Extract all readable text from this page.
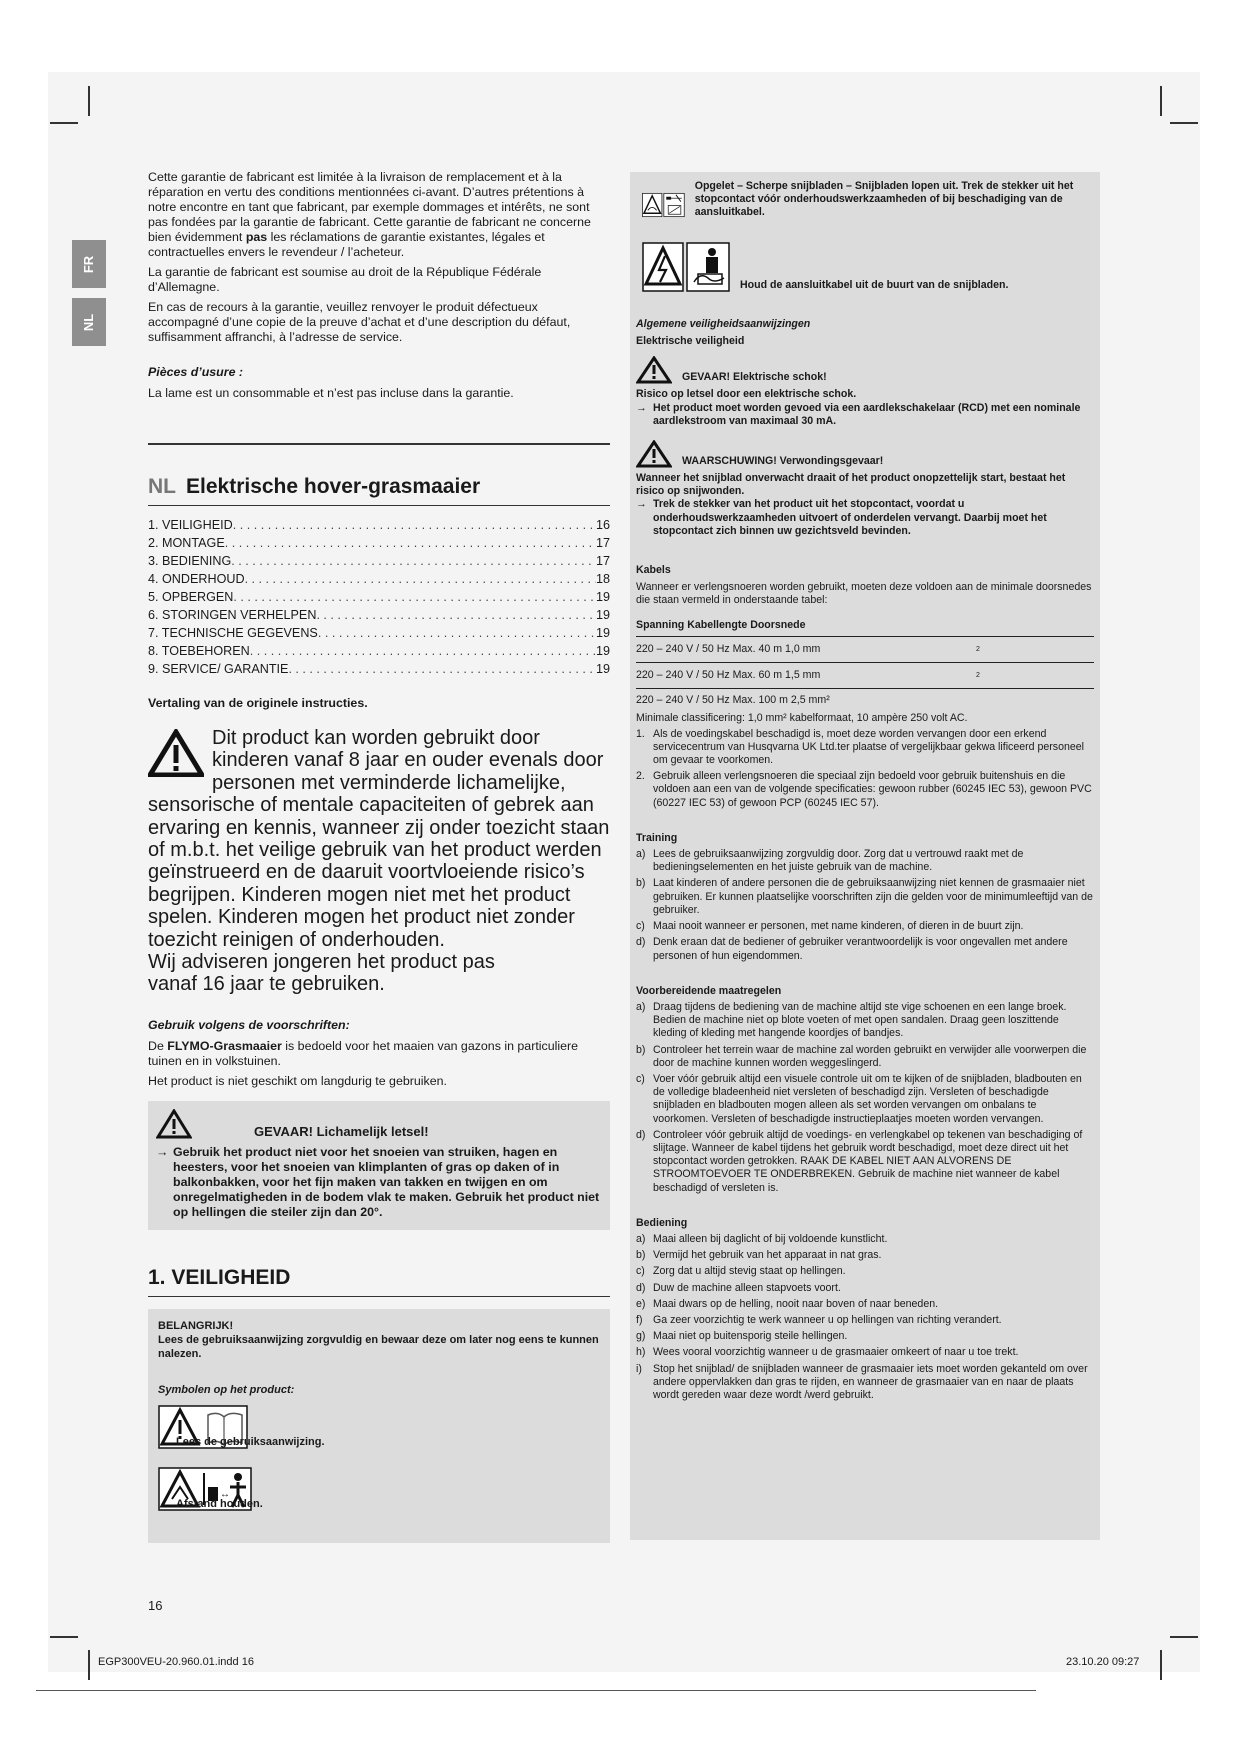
FR
NL

Cette garantie de fabricant est limitée à la livraison de remplacement et à la réparation en vertu des conditions mentionnées ci-avant. D’autres prétentions à notre encontre en tant que fabricant, par exemple dommages et intérêts, ne sont pas fondées par la garantie de fabricant. Cette garantie de fabricant ne concerne bien évidemment pas les réclamations de garantie existantes, légales et contractuelles envers le revendeur / l’acheteur.

La garantie de fabricant est soumise au droit de la République Fédérale d’Allemagne.

En cas de recours à la garantie, veuillez renvoyer le produit défectueux accompagné d’une copie de la preuve d’achat et d’une description du défaut, suffisamment affranchi, à l’adresse de service.

Pièces d’usure :

La lame est un consommable et n’est pas incluse dans la garantie.

NL Elektrische hover-grasmaaier
1. VEILIGHEID . . .	16
2. MONTAGE . . .	17
3. BEDIENING . . .	17
4. ONDERHOUD . . .	18
5. OPBERGEN . . .	19
6. STORINGEN VERHELPEN . . .	19
7. TECHNISCHE GEGEVENS . . .	19
8. TOEBEHOREN . . .	19
9. SERVICE/ GARANTIE . . .	19

Vertaling van de originele instructies.

Dit product kan worden gebruikt door kinderen vanaf 8 jaar en ouder evenals door personen met verminderde lichamelijke, sensorische of mentale capaciteiten of gebrek aan ervaring en kennis, wanneer zij onder toezicht staan of m.b.t. het veilige gebruik van het product werden geïnstrueerd en de daaruit voortvloeiende risico’s begrijpen. Kinderen mogen niet met het product spelen. Kinderen mogen het product niet zonder toezicht reinigen of onderhouden.
Wij adviseren jongeren het product pas vanaf 16 jaar te gebruiken.

Gebruik volgens de voorschriften:

De FLYMO-Grasmaaier is bedoeld voor het maaien van gazons in particuliere tuinen en in volkstuinen.

Het product is niet geschikt om langdurig te gebruiken.

GEVAAR! Lichamelijk letsel!
→ Gebruik het product niet voor het snoeien van struiken, hagen en heesters, voor het snoeien van klimplanten of gras op daken of in balkonbakken, voor het fijn maken van takken en twijgen en om onregelmatigheden in de bodem vlak te maken. Gebruik het product niet op hellingen die steiler zijn dan 20°.
1. VEILIGHEID

BELANGRIJK!

Lees de gebruiksaanwijzing zorgvuldig en bewaar deze om later nog eens te kunnen nalezen.

Symbolen op het product:

Lees de gebruiksaanwijzing.
↔
Afstand houden.
16
Opgelet – Scherpe snijbladen – Snijbladen lopen uit. Trek de stekker uit het stopcontact vóór onderhoudswerkzaamheden of bij beschadiging van de aansluitkabel.
Houd de aansluitkabel uit de buurt van de snijbladen.

Algemene veiligheidsaanwijzingen

Elektrische veiligheid

GEVAAR! Elektrische schok!

Risico op letsel door een elektrische schok.

→ Het product moet worden gevoed via een aardlekschakelaar (RCD) met een nominale aardlekstroom van maximaal 30 mA.
WAARSCHUWING! Verwondingsgevaar!

Wanneer het snijblad onverwacht draait of het product onopzettelijk start, bestaat het risico op snijwonden.

→ Trek de stekker van het product uit het stopcontact, voordat u onderhoudswerkzaamheden uitvoert of onderdelen vervangt. Daarbij moet het stopcontact zich binnen uw gezichtsveld bevinden.

Kabels

Wanneer er verlengsnoeren worden gebruikt, moeten deze voldoen aan de minimale doorsnedes die staan vermeld in onderstaande tabel:

Spanning Kabellengte Doorsnede
220 – 240 V / 50 Hz Max. 40 m 1,0 mm	2
220 – 240 V / 50 Hz Max. 60 m 1,5 mm	2
220 – 240 V / 50 Hz Max. 100 m 2,5 mm²

Minimale classificering: 1,0 mm² kabelformaat, 10 ampère 250 volt AC.

1. Als de voedingskabel beschadigd is, moet deze worden vervangen door een erkend servicecentrum van Husqvarna UK Ltd.ter plaatse of vergelijkbaar gekwa lificeerd personeel om gevaar te voorkomen.
2. Gebruik alleen verlengsnoeren die speciaal zijn bedoeld voor gebruik buitenshuis en die voldoen aan een van de volgende specificaties: gewoon rubber (60245 IEC 53), gewoon PVC (60227 IEC 53) of gewoon PCP (60245 IEC 57).

Training

a) Lees de gebruiksaanwijzing zorgvuldig door. Zorg dat u vertrouwd raakt met de bedieningselementen en het juiste gebruik van de machine.
b) Laat kinderen of andere personen die de gebruiksaanwijzing niet kennen de grasmaaier niet gebruiken. Er kunnen plaatselijke voorschriften zijn die gelden voor de minimumleeftijd van de gebruiker.
c) Maai nooit wanneer er personen, met name kinderen, of dieren in de buurt zijn.
d) Denk eraan dat de bediener of gebruiker verantwoordelijk is voor ongevallen met andere personen of hun eigendommen.

Voorbereidende maatregelen

a) Draag tijdens de bediening van de machine altijd ste vige schoenen en een lange broek. Bedien de machine niet op blote voeten of met open sandalen. Draag geen loszittende kleding of kleding met hangende koordjes of bandjes.
b) Controleer het terrein waar de machine zal worden gebruikt en verwijder alle voorwerpen die door de machine kunnen worden weggeslingerd.
c) Voer vóór gebruik altijd een visuele controle uit om te kijken of de snijbladen, bladbouten en de volledige bladeenheid niet versleten of beschadigd zijn. Versleten of beschadigde snijbladen en bladbouten mogen alleen als set worden vervangen om onbalans te voorkomen. Versleten of beschadigde instructieplaatjes moeten worden vervangen.
d) Controleer vóór gebruik altijd de voedings- en verlengkabel op tekenen van beschadiging of slijtage. Wanneer de kabel tijdens het gebruik wordt beschadigd, moet deze direct uit het stopcontact worden getrokken. RAAK DE KABEL NIET AAN ALVORENS DE STROOMTOEVOER TE ONDERBREKEN. Gebruik de machine niet wanneer de kabel beschadigd of versleten is.

Bediening

a) Maai alleen bij daglicht of bij voldoende kunstlicht.
b) Vermijd het gebruik van het apparaat in nat gras.
c) Zorg dat u altijd stevig staat op hellingen.
d) Duw de machine alleen stapvoets voort.
e) Maai dwars op de helling, nooit naar boven of naar beneden.
f) Ga zeer voorzichtig te werk wanneer u op hellingen van richting verandert.
g) Maai niet op buitensporig steile hellingen.
h) Wees vooral voorzichtig wanneer u de grasmaaier omkeert of naar u toe trekt.
i)	Stop het snijblad/ de snijbladen wanneer de grasmaaier iets moet worden gekanteld om over andere oppervlakken dan gras te rijden, en wanneer de grasmaaier van en naar de plaats wordt gereden waar deze wordt /werd gebruikt.
EGP300VEU-20.960.01.indd 16	23.10.20 09:27
